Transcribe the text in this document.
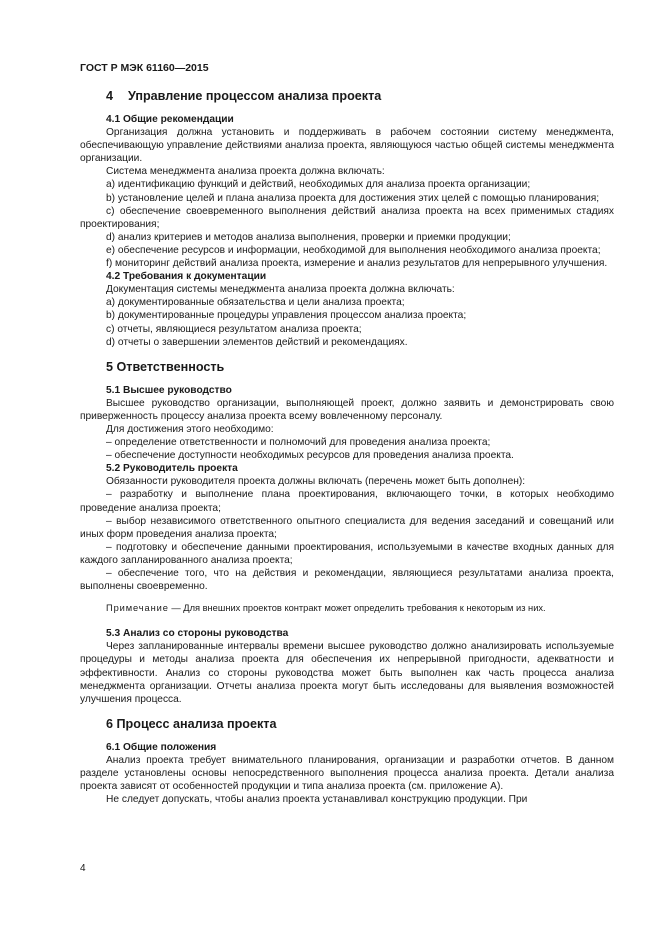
ГОСТ Р МЭК 61160—2015
4 Управление процессом анализа проекта
4.1 Общие рекомендации

Организация должна установить и поддерживать в рабочем состоянии систему менеджмента, обеспечивающую управление действиями анализа проекта, являющуюся частью общей системы менеджмента организации.

Система менеджмента анализа проекта должна включать:

a) идентификацию функций и действий, необходимых для анализа проекта организации;

b) установление целей и плана анализа проекта для достижения этих целей с помощью планирования;

c) обеспечение своевременного выполнения действий анализа проекта на всех применимых стадиях проектирования;

d) анализ критериев и методов анализа выполнения, проверки и приемки продукции;

e) обеспечение ресурсов и информации, необходимой для выполнения необходимого анализа проекта;

f) мониторинг действий анализа проекта, измерение и анализ результатов для непрерывного улучшения.

4.2 Требования к документации

Документация системы менеджмента анализа проекта должна включать:

a) документированные обязательства и цели анализа проекта;

b) документированные процедуры управления процессом анализа проекта;

c) отчеты, являющиеся результатом анализа проекта;

d) отчеты о завершении элементов действий и рекомендациях.

5 Ответственность
5.1 Высшее руководство

Высшее руководство организации, выполняющей проект, должно заявить и демонстрировать свою приверженность процессу анализа проекта всему вовлеченному персоналу.

Для достижения этого необходимо:

– определение ответственности и полномочий для проведения анализа проекта;

– обеспечение доступности необходимых ресурсов для проведения анализа проекта.

5.2 Руководитель проекта

Обязанности руководителя проекта должны включать (перечень может быть дополнен):

– разработку и выполнение плана проектирования, включающего точки, в которых необходимо проведение анализа проекта;

– выбор независимого ответственного опытного специалиста для ведения заседаний и совещаний или иных форм проведения анализа проекта;

– подготовку и обеспечение данными проектирования, используемыми в качестве входных данных для каждого запланированного анализа проекта;

– обеспечение того, что на действия и рекомендации, являющиеся результатами анализа проекта, выполнены своевременно.

Примечание — Для внешних проектов контракт может определить требования к некоторым из них.

5.3 Анализ со стороны руководства

Через запланированные интервалы времени высшее руководство должно анализировать используемые процедуры и методы анализа проекта для обеспечения их непрерывной пригодности, адекватности и эффективности. Анализ со стороны руководства может быть выполнен как часть процесса анализа менеджмента организации. Отчеты анализа проекта могут быть исследованы для выявления возможностей улучшения процесса.

6 Процесс анализа проекта
6.1 Общие положения

Анализ проекта требует внимательного планирования, организации и разработки отчетов. В данном разделе установлены основы непосредственного выполнения процесса анализа проекта. Детали анализа проекта зависят от особенностей продукции и типа анализа проекта (см. приложение А).

Не следует допускать, чтобы анализ проекта устанавливал конструкцию продукции. При

4
